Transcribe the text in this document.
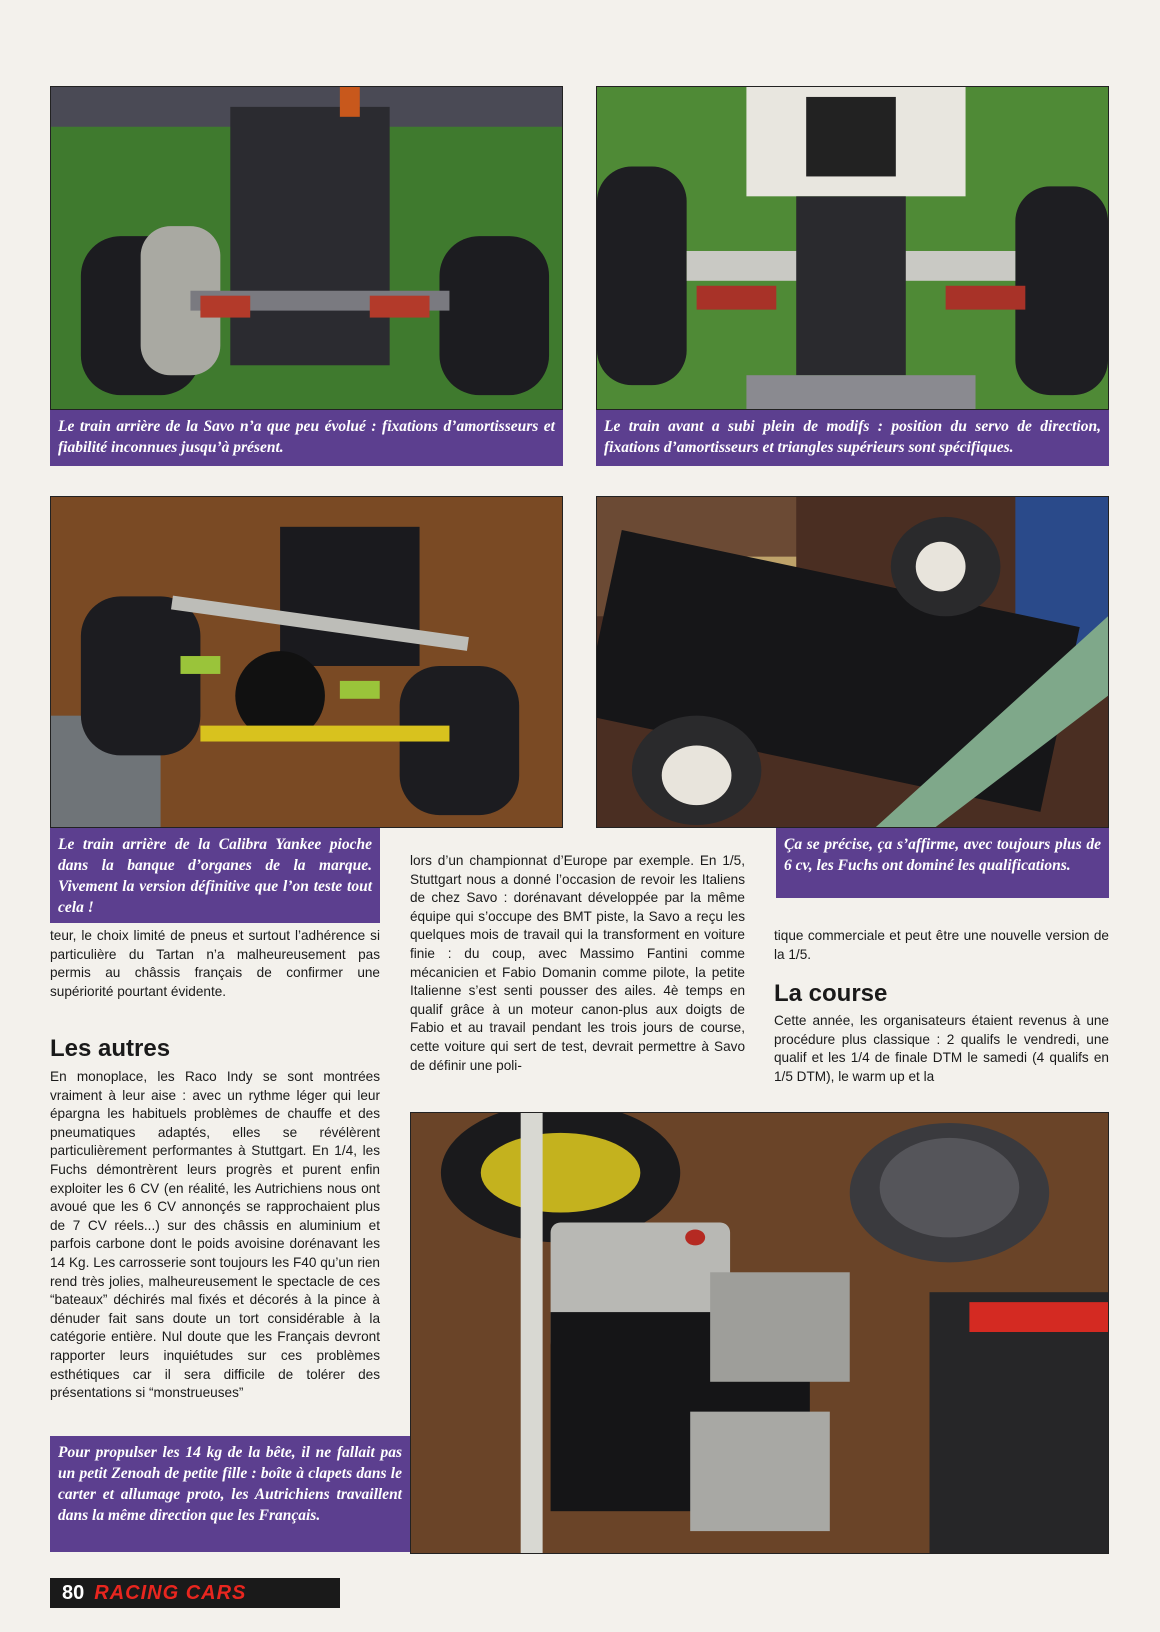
Le train arrière de la Savo n’a que peu évolué : fixations d’amortisseurs et fiabilité inconnues jusqu’à présent.
Le train avant a subi plein de modifs : position du servo de direction, fixations d’amortisseurs et triangles supérieurs sont spécifiques.
Le train arrière de la Calibra Yankee pioche dans la banque d’organes de la marque. Vivement la version définitive que l’on teste tout cela !
Ça se précise, ça s’affirme, avec toujours plus de 6 cv, les Fuchs ont dominé les qualifications.
Pour propulser les 14 kg de la bête, il ne fallait pas un petit Zenoah de petite fille : boîte à clapets dans le carter et allumage proto, les Autrichiens travaillent dans la même direction que les Français.

teur, le choix limité de pneus et surtout l’adhérence si particulière du Tartan n’a malheureusement pas permis au châssis français de confirmer une supériorité pourtant évidente.

Les autres

En monoplace, les Raco Indy se sont montrées vraiment à leur aise : avec un rythme léger qui leur épargna les habituels problèmes de chauffe et des pneumatiques adaptés, elles se révélèrent particulièrement performantes à Stuttgart. En 1/4, les Fuchs démontrèrent leurs progrès et purent enfin exploiter les 6 CV (en réalité, les Autrichiens nous ont avoué que les 6 CV annonçés se rapprochaient plus de 7 CV réels...) sur des châssis en aluminium et parfois carbone dont le poids avoisine dorénavant les 14 Kg. Les carrosserie sont toujours les F40 qu’un rien rend très jolies, malheureusement le spectacle de ces “bateaux” déchirés mal fixés et décorés à la pince à dénuder fait sans doute un tort considérable à la catégorie entière. Nul doute que les Français devront rapporter leurs inquiétudes sur ces problèmes esthétiques car il sera difficile de tolérer des présentations si “monstrueuses”

lors d’un championnat d’Europe par exemple. En 1/5, Stuttgart nous a donné l’occasion de revoir les Italiens de chez Savo : dorénavant développée par la même équipe qui s’occupe des BMT piste, la Savo a reçu les quelques mois de travail qui la transforment en voiture finie : du coup, avec Massimo Fantini comme mécanicien et Fabio Domanin comme pilote, la petite Italienne s’est senti pousser des ailes. 4è temps en qualif grâce à un moteur canon-plus aux doigts de Fabio et au travail pendant les trois jours de course, cette voiture qui sert de test, devrait permettre à Savo de définir une poli-

tique commerciale et peut être une nouvelle version de la 1/5.

La course

Cette année, les organisateurs étaient revenus à une procédure plus classique : 2 qualifs le vendredi, une qualif et les 1/4 de finale DTM le samedi (4 qualifs en 1/5 DTM), le warm up et la

80 RACING CARS
